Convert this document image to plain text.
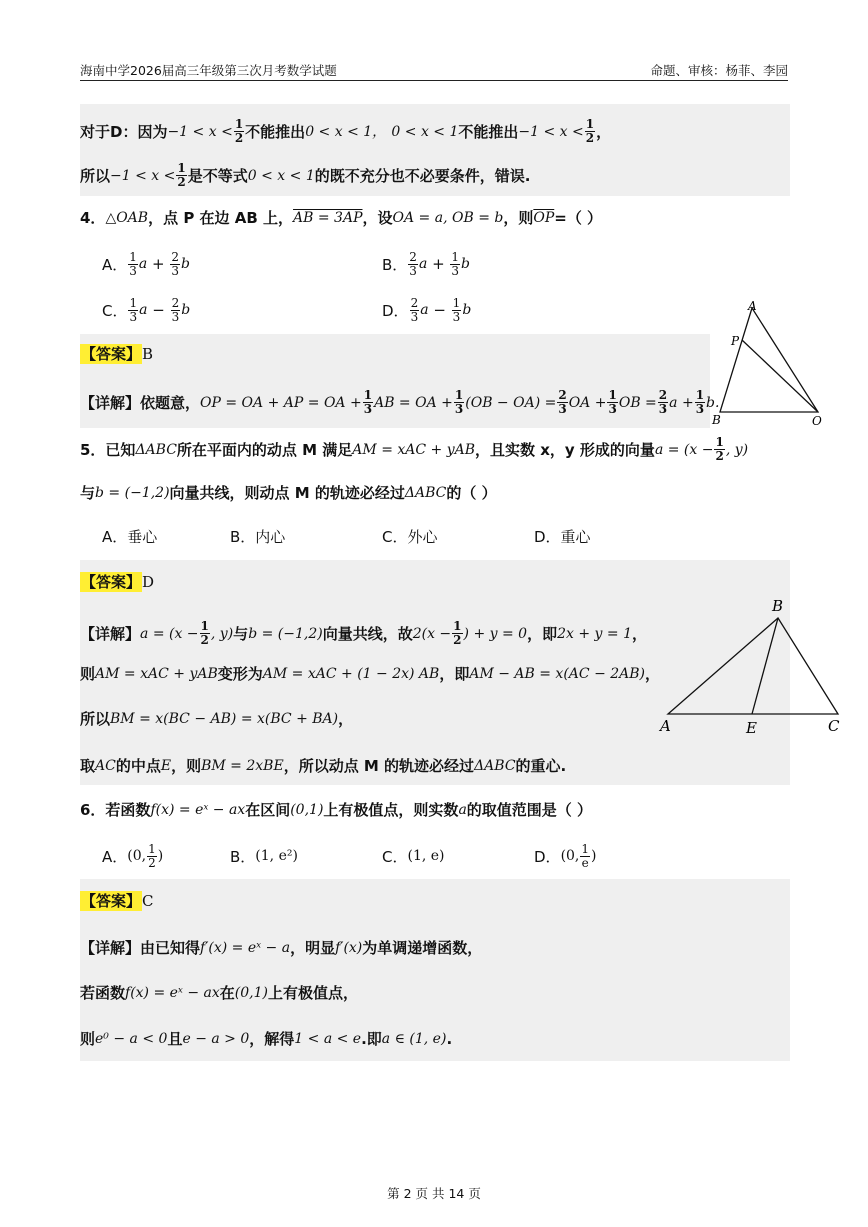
海南中学2026届高三年级第三次月考数学试题	命题、审核：杨菲、李园
对于D：因为 $-1 < x < \frac{1}{2}$ 不能推出 0 < x < 1，
0 < x < 1 不能推出 $-1 < x < \frac{1}{2}$ ，
所以 $-1 < x < \frac{1}{2}$ 是不等式 0 < x < 1 的既不充分也不必要条件，错误.
4． △OAB ，点 P 在边 AB 上， AB = 3AP ，设 OA = a, OB = b ，则 $\overline{OP}$ =（ ）
A． $\frac{1}{3}$ $a + \frac{2}{3}$ b	B． $\frac{2}{3}$ $a + \frac{1}{3}$ b
C． $\frac{1}{3}$ $a - \frac{2}{3}$ b	D． $\frac{2}{3}$ $a - \frac{1}{3}$ b
【答案】 B
【详解】 依题意， OP = OA + AP = OA + $\frac{1}{3}$ AB = OA + $\frac{1}{3} (OB - OA) = \frac{2}{3}$ OA + $\frac{1}{3}$ OB = $\frac{2}{3}$ $a + \frac{1}{3} b$.
A
P
B	O
5．已知 ΔABC 所在平面内的动点 M 满足 AM = xAC + yAB ，且实数 x，y 形成的向量 $a = (x - \frac{1}{2}$ , y)
与 b = (−1,2) 向量共线，则动点 M 的轨迹必经过 ΔABC 的（ ）
A．垂心	B．内心	C．外心	D．重心
【答案】 D
【详解】 $a = (x - \frac{1}{2}$ , y) 与 b = (−1,2) 向量共线，故 $2(x - \frac{1}{2}$ ) + y = 0 ，即 2x + y = 1 ，
则 AM = xAC + yAB 变形为 AM = xAC + (1 − 2x) AB ，即 AM − AB = x(AC − 2AB) ，
所以 BM = x(BC − AB) = x(BC + BA) ，
取 AC 的中点 E ，则 BM = 2xBE ，所以动点 M 的轨迹必经过 ΔABC 的重心.
B
A	E	C
6．若函数 f(x) = eˣ − ax 在区间 (0,1) 上有极值点，则实数 a 的取值范围是（ ）
A． (0, $\frac{1}{2}$ )	B． (1, e²)	C． (1, e)	D． (0, $\frac{1}{e}$ )
【答案】 C
【详解】由已知得 f′(x) = eˣ − a ，明显 f′(x) 为单调递增函数，
若函数 f(x) = eˣ − ax 在 (0,1) 上有极值点，
则 e⁰ − a < 0 且 e − a > 0 ，解得 1 < a < e .即 a ∈ (1, e) .
第 2 页 共 14 页
